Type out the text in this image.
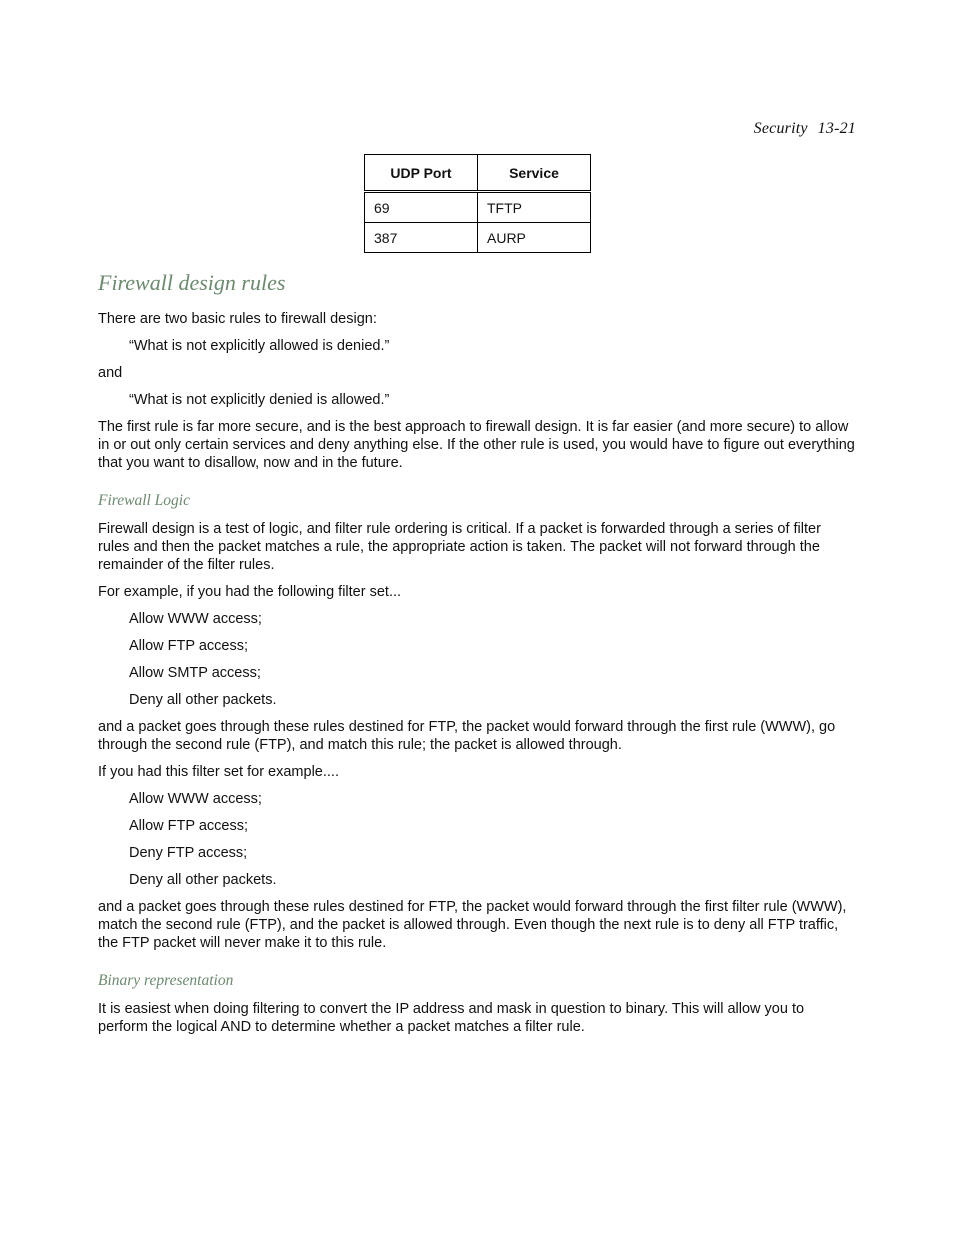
Security 13-21
UDP Port	Service
69	TFTP
387	AURP
Firewall design rules

There are two basic rules to firewall design:

“What is not explicitly allowed is denied.”

and

“What is not explicitly denied is allowed.”

The first rule is far more secure, and is the best approach to firewall design. It is far easier (and more secure) to allow in or out only certain services and deny anything else. If the other rule is used, you would have to figure out everything that you want to disallow, now and in the future.

Firewall Logic

Firewall design is a test of logic, and filter rule ordering is critical. If a packet is forwarded through a series of filter rules and then the packet matches a rule, the appropriate action is taken. The packet will not forward through the remainder of the filter rules.

For example, if you had the following filter set...

Allow WWW access;

Allow FTP access;

Allow SMTP access;

Deny all other packets.

and a packet goes through these rules destined for FTP, the packet would forward through the first rule (WWW), go through the second rule (FTP), and match this rule; the packet is allowed through.

If you had this filter set for example....

Allow WWW access;

Allow FTP access;

Deny FTP access;

Deny all other packets.

and a packet goes through these rules destined for FTP, the packet would forward through the first filter rule (WWW), match the second rule (FTP), and the packet is allowed through. Even though the next rule is to deny all FTP traffic, the FTP packet will never make it to this rule.

Binary representation

It is easiest when doing filtering to convert the IP address and mask in question to binary. This will allow you to perform the logical AND to determine whether a packet matches a filter rule.
